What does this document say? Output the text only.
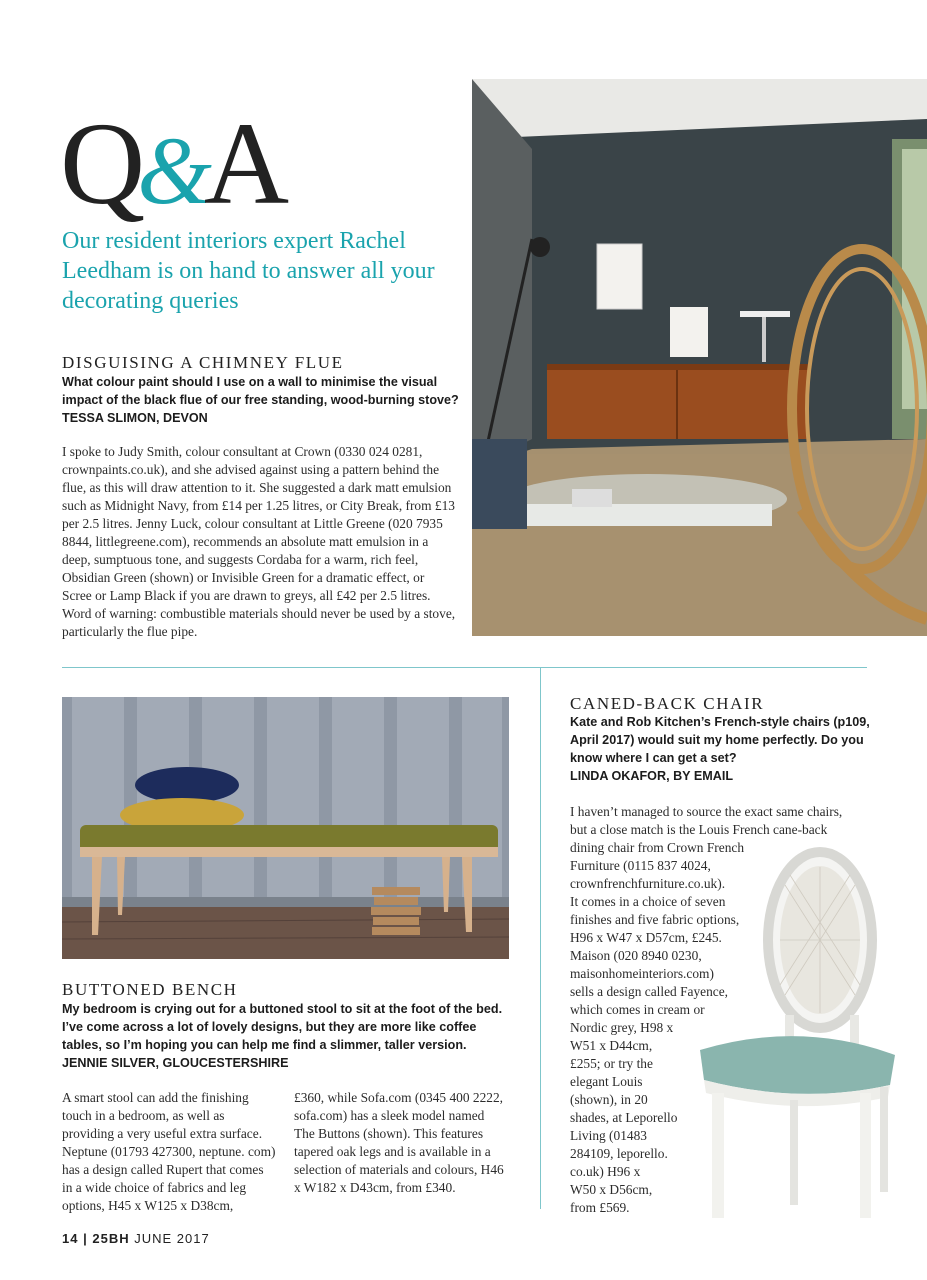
Q&A
Our resident interiors expert Rachel Leedham is on hand to answer all your decorating queries
DISGUISING A CHIMNEY FLUE
What colour paint should I use on a wall to minimise the visual impact of the black flue of our free standing, wood-burning stove?
TESSA SLIMON, DEVON
I spoke to Judy Smith, colour consultant at Crown (0330 024 0281, crownpaints.co.uk), and she advised against using a pattern behind the flue, as this will draw attention to it. She suggested a dark matt emulsion such as Midnight Navy, from £14 per 1.25 litres, or City Break, from £13 per 2.5 litres. Jenny Luck, colour consultant at Little Greene (020 7935 8844, littlegreene.com), recommends an absolute matt emulsion in a deep, sumptuous tone, and suggests Cordaba for a warm, rich feel, Obsidian Green (shown) or Invisible Green for a dramatic effect, or Scree or Lamp Black if you are drawn to greys, all £42 per 2.5 litres. Word of warning: combustible materials should never be used by a stove, particularly the flue pipe.
BUTTONED BENCH
My bedroom is crying out for a buttoned stool to sit at the foot of the bed. I’ve come across a lot of lovely designs, but they are more like coffee tables, so I’m hoping you can help me find a slimmer, taller version.
JENNIE SILVER, GLOUCESTERSHIRE
A smart stool can add the finishing touch in a bedroom, as well as providing a very useful extra surface. Neptune (01793 427300, neptune. com) has a design called Rupert that comes in a wide choice of fabrics and leg options, H45 x W125 x D38cm,
£360, while Sofa.com (0345 400 2222, sofa.com) has a sleek model named The Buttons (shown). This features tapered oak legs and is available in a selection of materials and colours, H46 x W182 x D43cm, from £340.
CANED-BACK CHAIR
Kate and Rob Kitchen’s French-style chairs (p109, April 2017) would suit my home perfectly. Do you know where I can get a set?
LINDA OKAFOR, BY EMAIL
I haven’t managed to source the exact same chairs,
but a close match is the Louis French cane-back
dining chair from Crown French
Furniture (0115 837 4024,
crownfrenchfurniture.co.uk).
It comes in a choice of seven
finishes and five fabric options,
H96 x W47 x D57cm, £245.
Maison (020 8940 0230,
maisonhomeinteriors.com)
sells a design called Fayence,
which comes in cream or
Nordic grey, H98 x
W51 x D44cm,
£255; or try the
elegant Louis
(shown), in 20
shades, at Leporello
Living (01483
284109, leporello.
co.uk) H96 x
W50 x D56cm,
from £569.
14 | 25BH JUNE 2017
